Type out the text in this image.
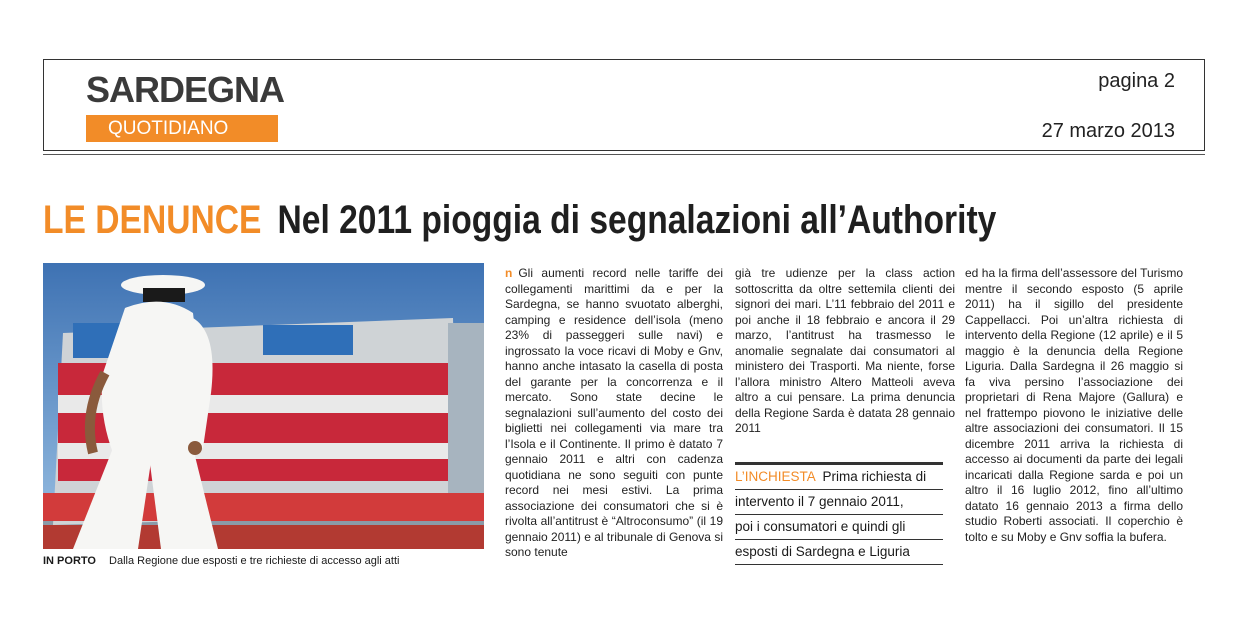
SARDEGNA
QUOTIDIANO
pagina 2
27 marzo 2013
LE DENUNCE Nel 2011 pioggia di segnalazioni all’Authority
IN PORTO Dalla Regione due esposti e tre richieste di accesso agli atti
n Gli aumenti record nelle tariffe dei collegamenti marittimi da e per la Sardegna, se hanno svuotato alberghi, camping e residence dell’isola (meno 23% di passeggeri sulle navi) e ingrossato la voce ricavi di Moby e Gnv, hanno anche intasato la casella di posta del garante per la concorrenza e il mercato. Sono state decine le segnalazioni sull’aumento del costo dei biglietti nei collegamenti via mare tra l’Isola e il Continente. Il primo è datato 7 gennaio 2011 e altri con cadenza quotidiana ne sono seguiti con punte record nei mesi estivi. La prima associazione dei consumatori che si è rivolta all’antitrust è “Altroconsumo” (il 19 gennaio 2011) e al tribunale di Genova si sono tenute
già tre udienze per la class action sottoscritta da oltre settemila clienti dei signori dei mari. L’11 febbraio del 2011 e poi anche il 18 febbraio e ancora il 29 marzo, l’antitrust ha trasmesso le anomalie segnalate dai consumatori al ministero dei Trasporti. Ma niente, forse l’allora ministro Altero Matteoli aveva altro a cui pensare. La prima denuncia della Regione Sarda è datata 28 gennaio 2011
ed ha la firma dell’assessore del Turismo mentre il secondo esposto (5 aprile 2011) ha il sigillo del presidente Cappellacci. Poi un’altra richiesta di intervento della Regione (12 aprile) e il 5 maggio è la denuncia della Regione Liguria. Dalla Sardegna il 26 maggio si fa viva persino l’associazione dei proprietari di Rena Majore (Gallura) e nel frattempo piovono le iniziative delle altre associazioni dei consumatori. Il 15 dicembre 2011 arriva la richiesta di accesso ai documenti da parte dei legali incaricati dalla Regione sarda e poi un altro il 16 luglio 2012, fino all’ultimo datato 16 gennaio 2013 a firma dello studio Roberti associati. Il coperchio è tolto e su Moby e Gnv soffia la bufera.
L’INCHIESTA Prima richiesta di
intervento il 7 gennaio 2011,
poi i consumatori e quindi gli
esposti di Sardegna e Liguria
